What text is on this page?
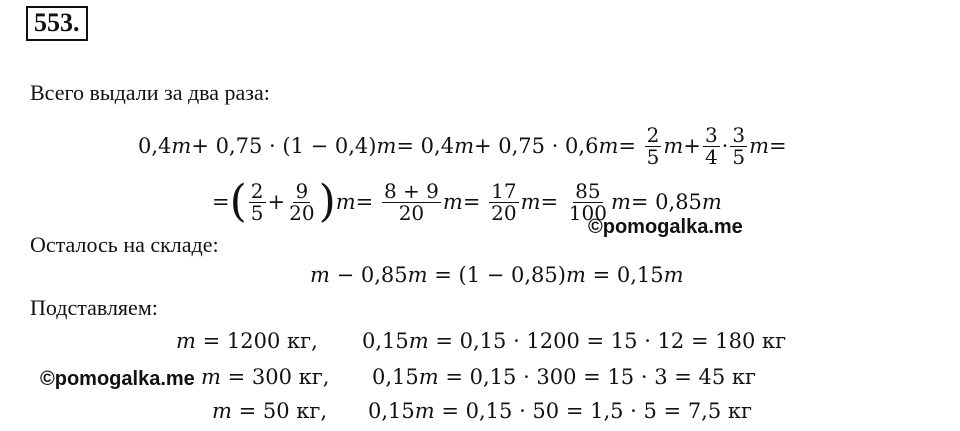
553.
Всего выдали за два раза:
0,4 m + 0,75 · (1 − 0,4) m = 0,4 m + 0,75 · 0,6 m =
$\frac{2}{5}$ $m + \frac{3}{4} \cdot \frac{3}{5}$ m =
= ( $\frac{2}{5} + \frac{9}{20}$ ) m =
$\frac{8 + 9}{20}$ m =
$\frac{17}{20}$ m =
$\frac{85}{100}$ m = 0,85 m
©pomogalka.me
Осталось на складе:
m − 0,85m = (1 − 0,85)m = 0,15m
Подставляем:
m = 1200 кг, 0,15m = 0,15 · 1200 = 15 · 12 = 180 кг
©pomogalka.me m = 300 кг, 0,15m = 0,15 · 300 = 15 · 3 = 45 кг
m = 50 кг, 0,15m = 0,15 · 50 = 1,5 · 5 = 7,5 кг
